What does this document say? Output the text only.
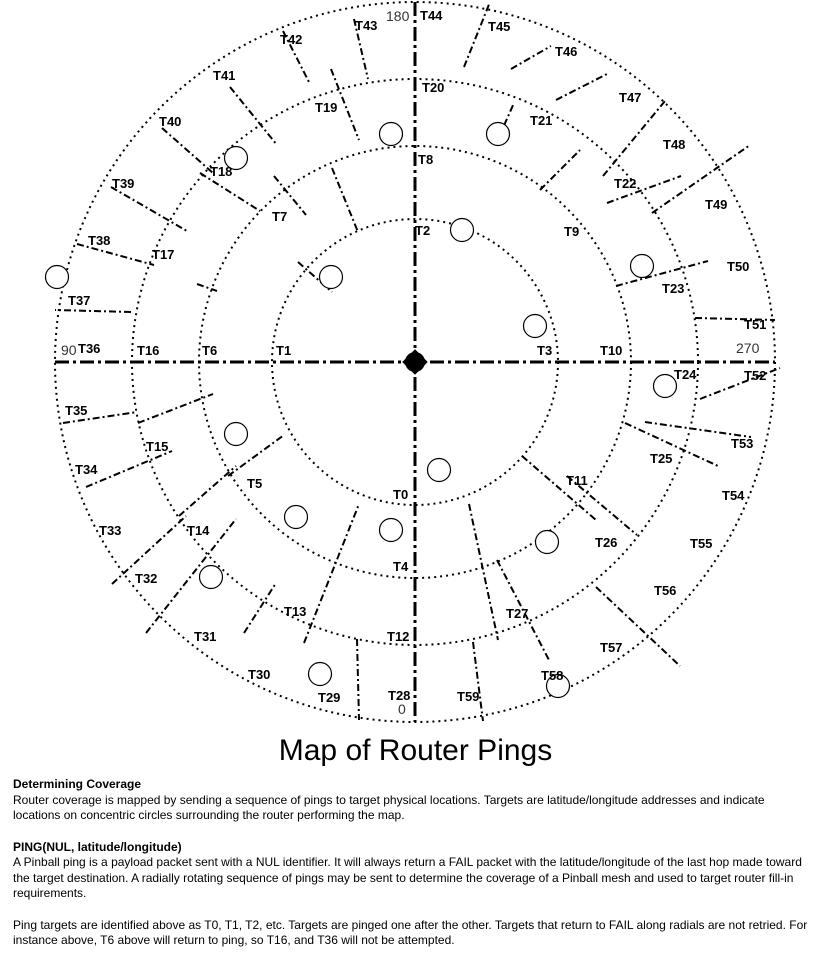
T0
T1
T2
T3
T4
T5
T6
T7
T8
T9
T10
T11
T12
T13
T14
T15
T16
T17
T18
T19
T20
T21
T22
T23
T24
T25
T26
T27
T28
T29
T30
T31
T32
T33
T34
T35
T36
T37
T38
T39
T40
T41
T42
T43
T44
T45
T46
T47
T48
T49
T50
T51
T52
T53
T54
T55
T56
T57
T58
T59
180
0
90	270
Map of Router Pings
Determining Coverage

Router coverage is mapped by sending a sequence of pings to target physical locations. Targets are latitude/longitude addresses and indicate locations on concentric circles surrounding the router performing the map.

PING(NUL, latitude/longitude)

A Pinball ping is a payload packet sent with a NUL identifier. It will always return a FAIL packet with the latitude/longitude of the last hop made toward the target destination. A radially rotating sequence of pings may be sent to determine the coverage of a Pinball mesh and used to target router fill-in requirements.

Ping targets are identified above as T0, T1, T2, etc. Targets are pinged one after the other. Targets that return to FAIL along radials are not retried. For instance above, T6 above will return to ping, so T16, and T36 will not be attempted.
